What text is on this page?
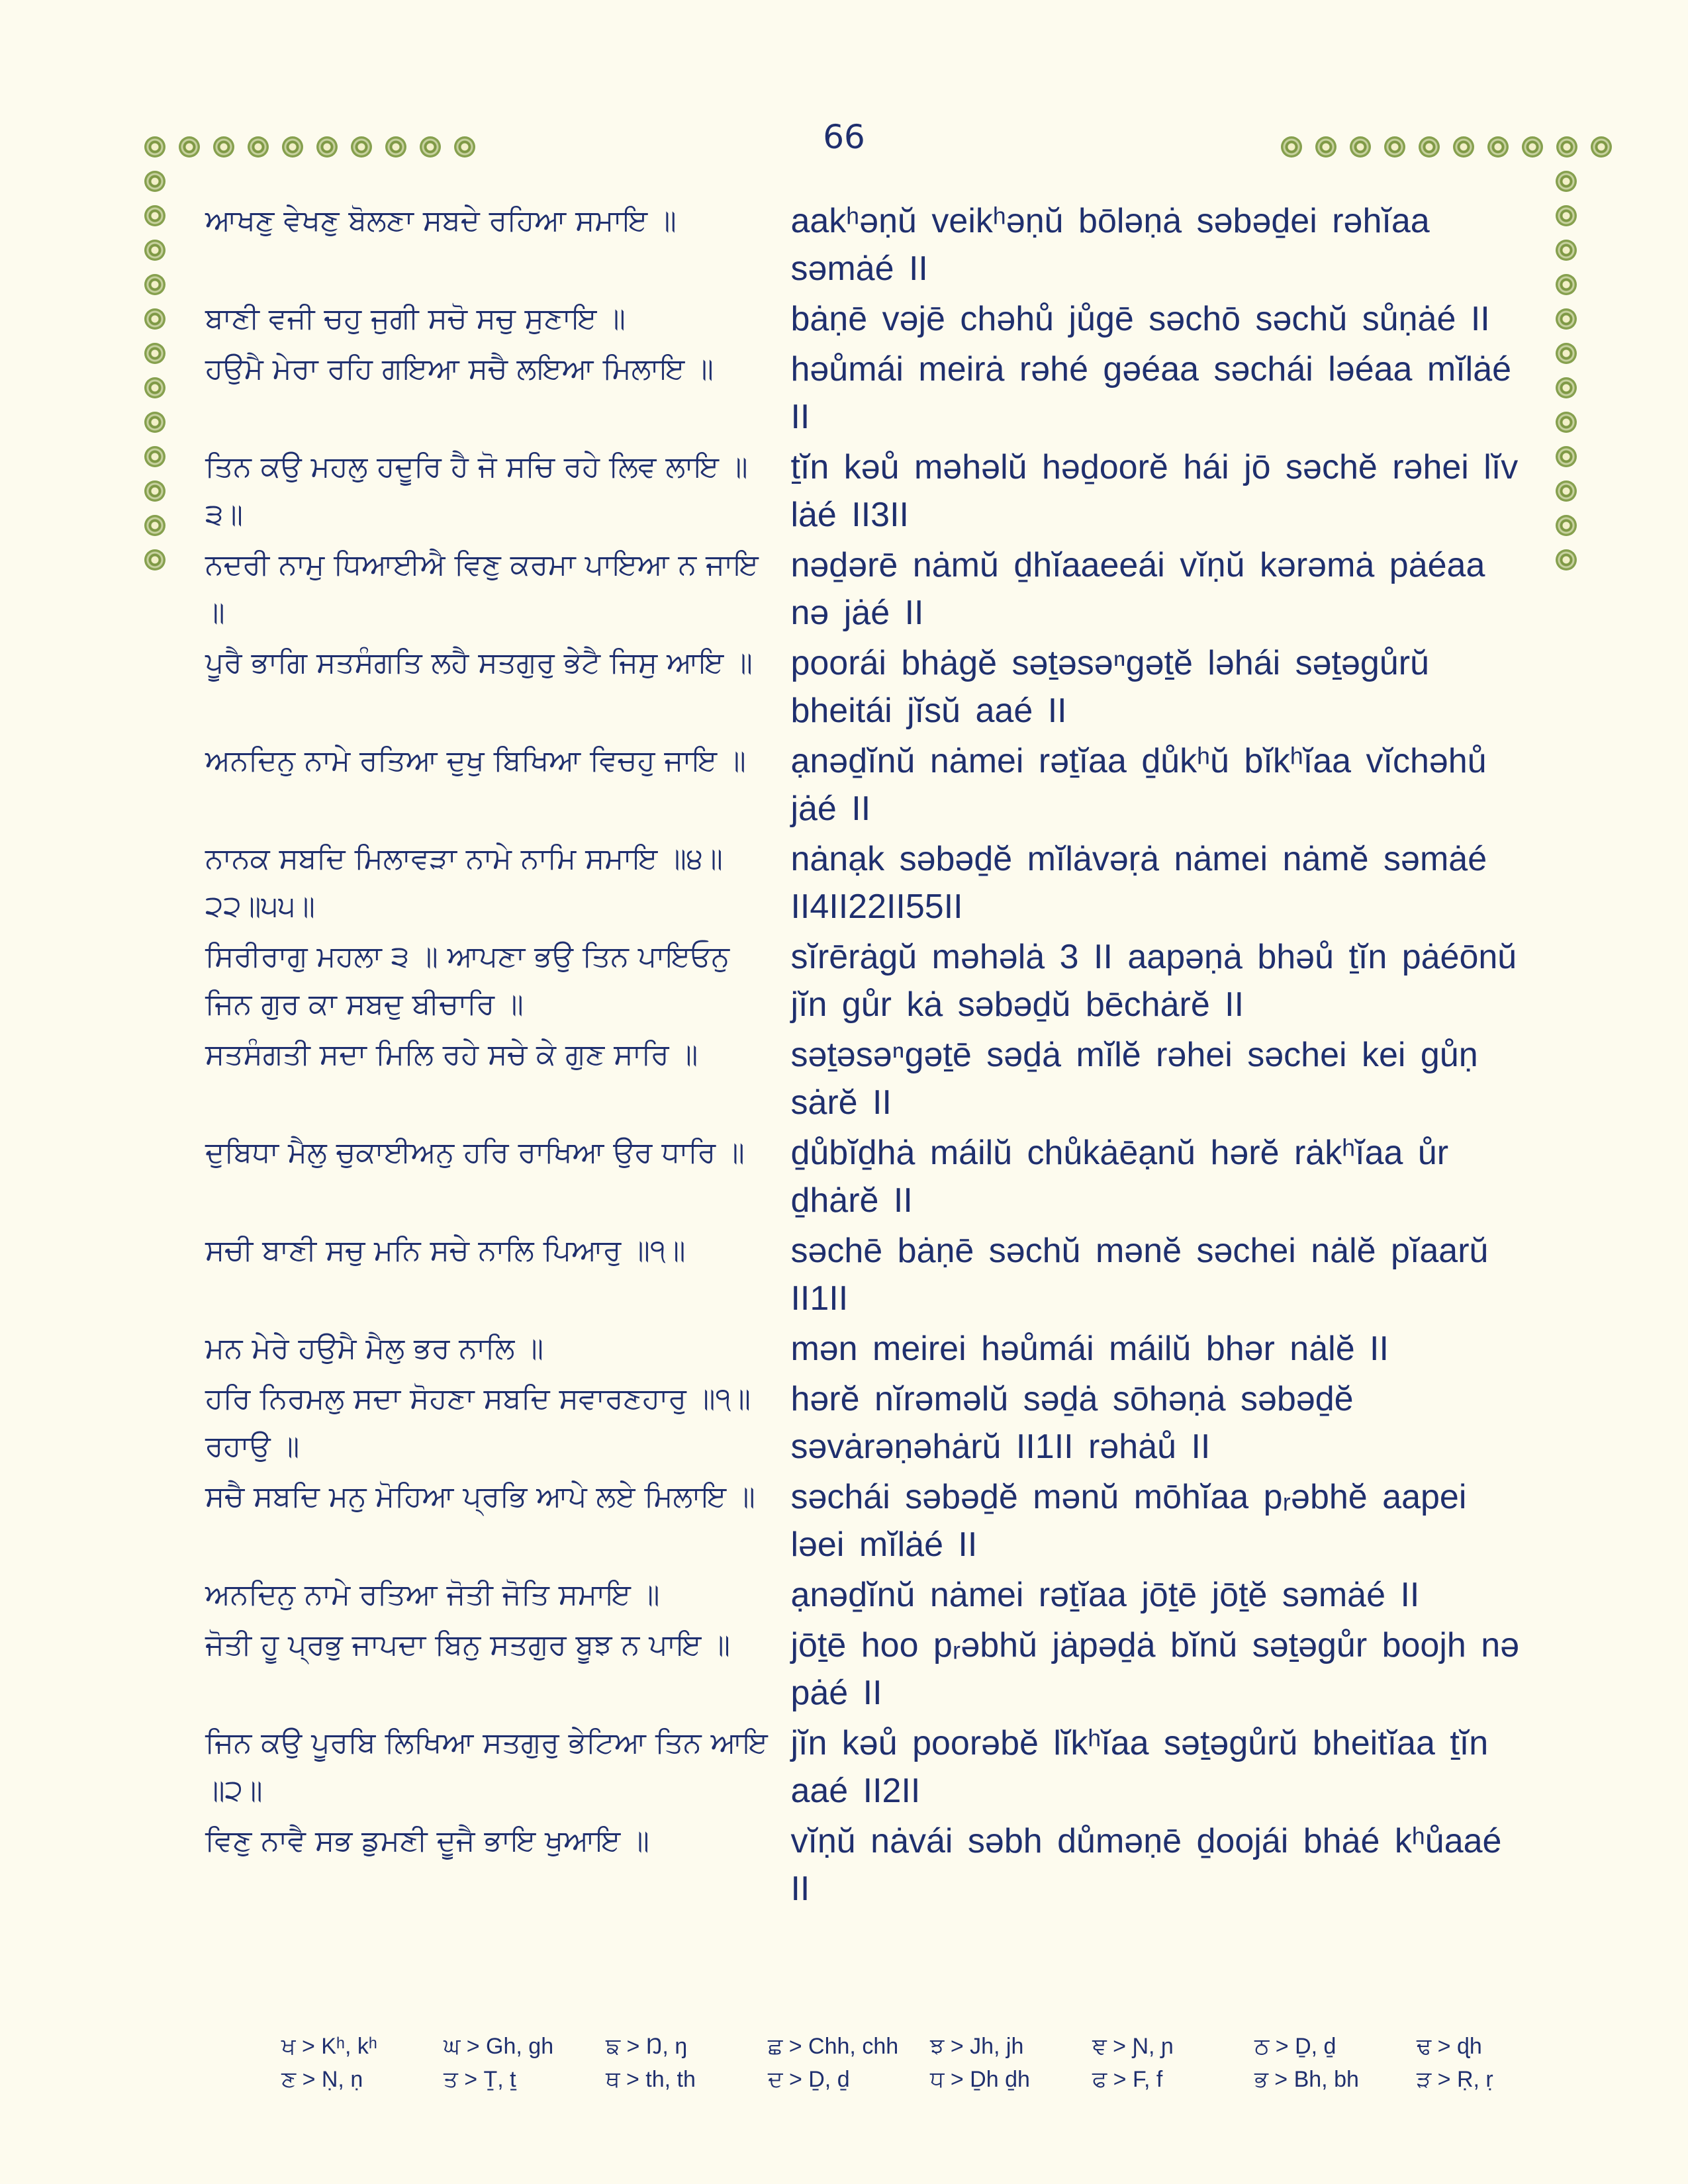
66
ਆਖਣੁ ਵੇਖਣੁ ਬੋਲਣਾ ਸਬਦੇ ਰਹਿਆ ਸਮਾਇ ॥	aakʰəṇŭ veikʰəṇŭ bōləṇȧ səbəḏei rəhĭaa səmȧé II
ਬਾਣੀ ਵਜੀ ਚਹੁ ਜੁਗੀ ਸਚੋ ਸਚੁ ਸੁਣਾਇ ॥	bȧṇē vəjē chəhů jůgē səchō səchŭ sůṇȧé II
ਹਉਮੈ ਮੇਰਾ ਰਹਿ ਗਇਆ ਸਚੈ ਲਇਆ ਮਿਲਾਇ ॥	həůmái meirȧ rəhé gəéaa səchái ləéaa mĭlȧé II
ਤਿਨ ਕਉ ਮਹਲੁ ਹਦੂਰਿ ਹੈ ਜੋ ਸਚਿ ਰਹੇ ਲਿਵ ਲਾਇ ॥੩॥	ṯĭn kəů məhəlŭ həḏoorĕ hái jō səchĕ rəhei lĭv lȧé II3II
ਨਦਰੀ ਨਾਮੁ ਧਿਆਈਐ ਵਿਣੁ ਕਰਮਾ ਪਾਇਆ ਨ ਜਾਇ ॥	nəḏərē nȧmŭ ḏhĭaaeeái vĭṇŭ kərəmȧ pȧéaa nə jȧé II
ਪੂਰੈ ਭਾਗਿ ਸਤਸੰਗਤਿ ਲਹੈ ਸਤਗੁਰੁ ਭੇਟੈ ਜਿਸੁ ਆਇ ॥	poorái bhȧgĕ səṯəsəⁿgəṯĕ ləhái səṯəgůrŭ bheitái jĭsŭ aaé II
ਅਨਦਿਨੁ ਨਾਮੇ ਰਤਿਆ ਦੁਖੁ ਬਿਖਿਆ ਵਿਚਹੁ ਜਾਇ ॥	ạnəḏĭnŭ nȧmei rəṯĭaa ḏůkʰŭ bĭkʰĭaa vĭchəhů jȧé II
ਨਾਨਕ ਸਬਦਿ ਮਿਲਾਵੜਾ ਨਾਮੇ ਨਾਮਿ ਸਮਾਇ ॥੪॥੨੨॥੫੫॥	nȧnạk səbəḏĕ mĭlȧvəṛȧ nȧmei nȧmĕ səmȧé II4II22II55II
ਸਿਰੀਰਾਗੁ ਮਹਲਾ ੩ ॥ ਆਪਣਾ ਭਉ ਤਿਨ ਪਾਇਓਨੁ ਜਿਨ ਗੁਰ ਕਾ ਸਬਦੁ ਬੀਚਾਰਿ ॥	sĭrērȧgŭ məhəlȧ 3 II aapəṇȧ bhəů ṯĭn pȧéōnŭ jĭn gůr kȧ səbəḏŭ bēchȧrĕ II
ਸਤਸੰਗਤੀ ਸਦਾ ਮਿਲਿ ਰਹੇ ਸਚੇ ਕੇ ਗੁਣ ਸਾਰਿ ॥	səṯəsəⁿgəṯē səḏȧ mĭlĕ rəhei səchei kei gůṇ sȧrĕ II
ਦੁਬਿਧਾ ਮੈਲੁ ਚੁਕਾਈਅਨੁ ਹਰਿ ਰਾਖਿਆ ਉਰ ਧਾਰਿ ॥	ḏůbĭḏhȧ máilŭ chůkȧēạnŭ hərĕ rȧkʰĭaa ůr ḏhȧrĕ II
ਸਚੀ ਬਾਣੀ ਸਚੁ ਮਨਿ ਸਚੇ ਨਾਲਿ ਪਿਆਰੁ ॥੧॥	səchē bȧṇē səchŭ mənĕ səchei nȧlĕ pĭaarŭ II1II
ਮਨ ਮੇਰੇ ਹਉਮੈ ਮੈਲੁ ਭਰ ਨਾਲਿ ॥	mən meirei həůmái máilŭ bhər nȧlĕ II
ਹਰਿ ਨਿਰਮਲੁ ਸਦਾ ਸੋਹਣਾ ਸਬਦਿ ਸਵਾਰਣਹਾਰੁ ॥੧॥ ਰਹਾਉ ॥	hərĕ nĭrəməlŭ səḏȧ sōhəṇȧ səbəḏĕ səvȧrəṇəhȧrŭ II1II rəhȧů II
ਸਚੈ ਸਬਦਿ ਮਨੁ ਮੋਹਿਆ ਪ੍ਰਭਿ ਆਪੇ ਲਏ ਮਿਲਾਇ ॥	səchái səbəḏĕ mənŭ mōhĭaa pᵣəbhĕ aapei ləei mĭlȧé II
ਅਨਦਿਨੁ ਨਾਮੇ ਰਤਿਆ ਜੋਤੀ ਜੋਤਿ ਸਮਾਇ ॥	ạnəḏĭnŭ nȧmei rəṯĭaa jōṯē jōṯĕ səmȧé II
ਜੋਤੀ ਹੂ ਪ੍ਰਭੁ ਜਾਪਦਾ ਬਿਨੁ ਸਤਗੁਰ ਬੂਝ ਨ ਪਾਇ ॥	jōṯē hoo pᵣəbhŭ jȧpəḏȧ bĭnŭ səṯəgůr boojh nə pȧé II
ਜਿਨ ਕਉ ਪੂਰਬਿ ਲਿਖਿਆ ਸਤਗੁਰੁ ਭੇਟਿਆ ਤਿਨ ਆਇ ॥੨॥	jĭn kəů poorəbĕ lĭkʰĭaa səṯəgůrŭ bheitĭaa ṯĭn aaé II2II
ਵਿਣੁ ਨਾਵੈ ਸਭ ਡੁਮਣੀ ਦੂਜੈ ਭਾਇ ਖੁਆਇ ॥	vĭṇŭ nȧvái səbh důməṇē ḏoojái bhȧé kʰůaaé II
ਖ > Kʰ, kʰ	ਘ > Gh, gh	ਙ > Ŋ, ŋ	ਛ > Chh, chh	ਝ > Jh, jh	ਞ > Ɲ, ɲ	ਠ > Ḏ, ḏ	ਢ > ɖh
ਣ > Ṇ, ṇ	ਤ > Ṯ, ṯ	ਥ > th, th	ਦ > Ḏ, ḏ	ਧ > Ḏh ḏh	ਫ > F, f	ਭ > Bh, bh	ੜ > Ṛ, ṛ
